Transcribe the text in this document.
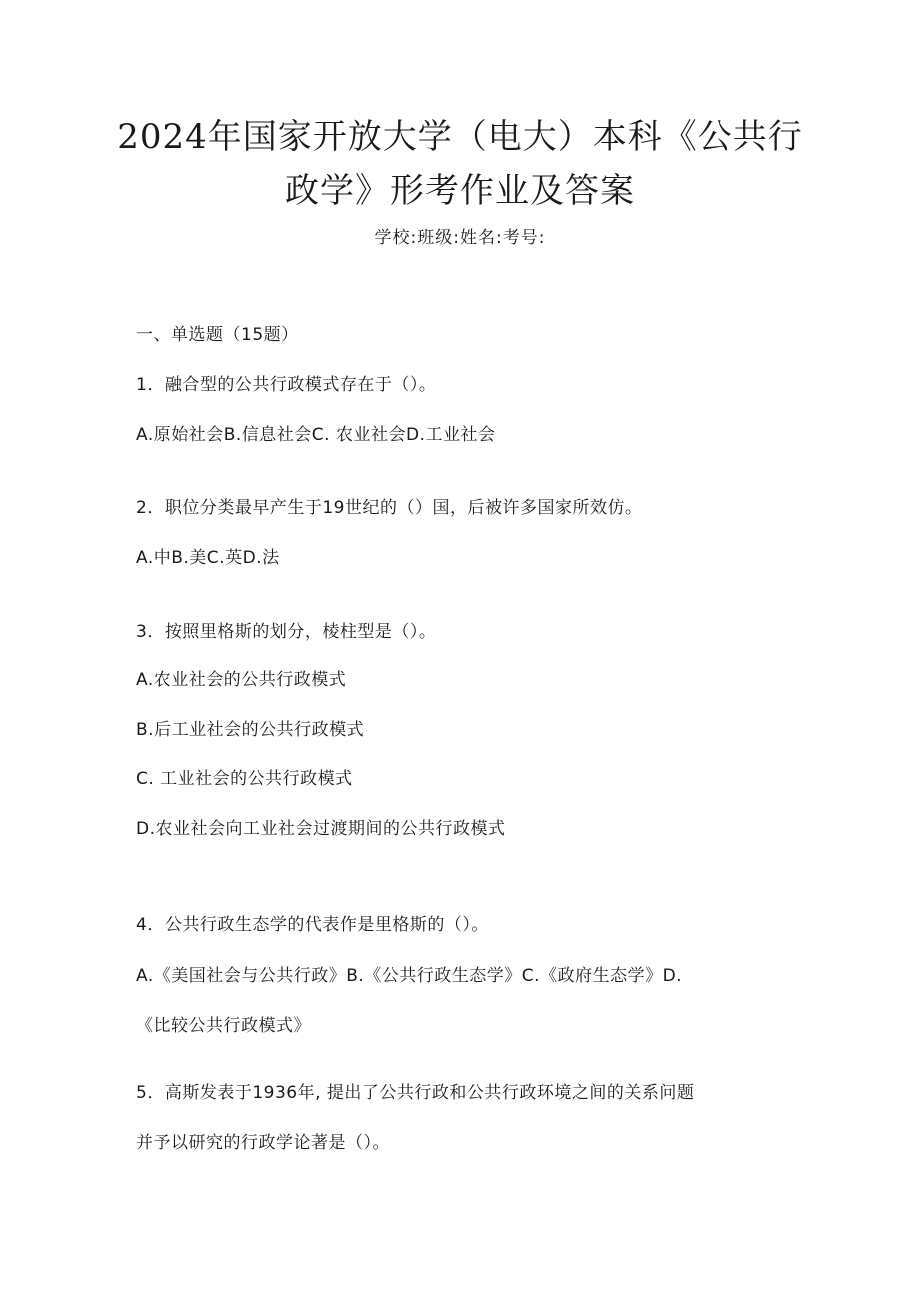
2024年国家开放大学（电大）本科《公共行
政学》形考作业及答案
学校:班级:姓名:考号:
一、单选题（15题）
1．融合型的公共行政模式存在于（）。
A.原始社会B.信息社会C. 农业社会D.工业社会
2．职位分类最早产生于19世纪的（）国，后被许多国家所效仿。
A.中B.美C.英D.法
3．按照里格斯的划分，棱柱型是（）。
A.农业社会的公共行政模式
B.后工业社会的公共行政模式
C. 工业社会的公共行政模式
D.农业社会向工业社会过渡期间的公共行政模式
4．公共行政生态学的代表作是里格斯的（）。
A.《美国社会与公共行政》B.《公共行政生态学》C.《政府生态学》D.
《比较公共行政模式》
5．高斯发表于1936年, 提出了公共行政和公共行政环境之间的关系问题
并予以研究的行政学论著是（）。
